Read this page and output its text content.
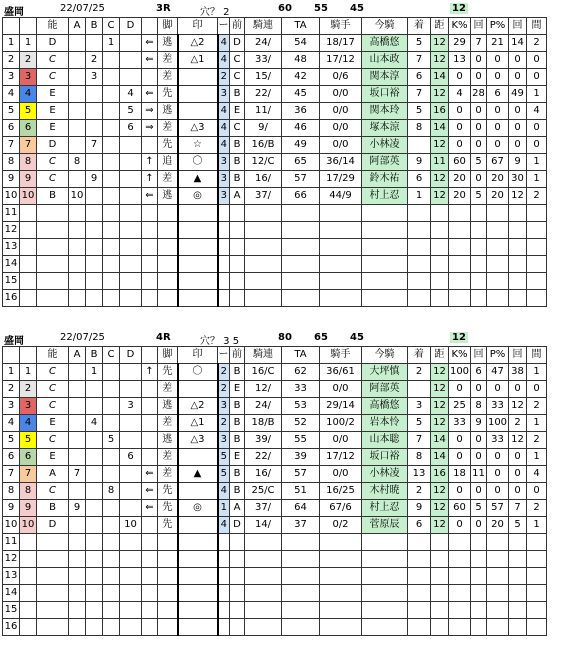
盛岡	22/07/25	3R	穴？ 2	60 55 45	12
		能	A	B	C	D		脚	印	ー	前	騎連	TA	騎手	今騎	着	距	K%	回	P%	回	間
1	1	D			1		⇐	逃	△2	4	D	24/	54	18/17	高橋悠	5	12	29	7	21	14	2
2	2	C		2			⇐	差	△1	4	C	33/	48	17/12	山本政	7	12	13	0	0	0	0
3	3	C		3				差		2	C	15/	42	0/6	関本淳	6	14	0	0	0	0	0
4	4	E				4	⇐	先		3	B	22/	45	0/0	坂口裕	7	12	4	28	6	49	1
5	5	E				5	⇒	逃		4	E	11/	36	0/0	関本玲	5	16	0	0	0	0	4
6	6	E				6	⇒	差	△3	4	C	9/	46	0/0	塚本涼	8	14	0	0	0	0	0
7	7	D		7				先	☆	4	B	16/B	49	0/0	小林凌		12	0	0	0	0	0
8	8	C	8				↑	追	〇	3	B	12/C	65	36/14	阿部英	9	11	60	5	67	9	1
9	9	C		9			↑	差	▲	3	B	16/	57	17/29	鈴木祐	6	12	20	0	20	30	1
10	10	B	10				⇐	逃	◎	3	A	37/	66	44/9	村上忍	1	12	20	5	20	12	2
11																						
12																						
13																						
14																						
15																						
16																						
盛岡	22/07/25	4R	穴？ 3 5	80 65 45	12
		能	A	B	C	D		脚	印	ー	前	騎連	TA	騎手	今騎	着	距	K%	回	P%	回	間
1	1	C		1			↑	先	〇	2	B	16/C	62	36/61	大坪慎	2	12	100	6	47	38	1
2	2	C						差		2	E	12/	33	0/0	阿部英		12	0	0	0	0	0
3	3	C				3		逃	△2	3	B	24/	53	29/14	高橋悠	3	12	25	8	33	12	2
4	4	E		4				差	△1	2	B	18/B	52	100/2	岩本怜	5	12	33	9	100	2	1
5	5	C			5			逃	△3	3	B	39/	55	0/0	山本聡	7	14	0	0	33	12	2
6	6	E				6		差		5	E	22/	39	17/12	坂口裕	8	14	0	0	0	0	1
7	7	A	7				⇐	差	▲	5	B	16/	57	0/0	小林凌	13	16	18	11	0	0	4
8	8	C			8		⇐	先		4	B	25/C	51	16/25	木村暁	2	12	0	0	0	0	0
9	9	B	9				⇐	先	◎	1	A	37/	64	67/6	村上忍	9	12	60	5	57	7	2
10	10	D				10		先		4	D	14/	37	0/2	菅原辰	6	12	0	0	20	5	1
11																						
12																						
13																						
14																						
15																						
16																						
